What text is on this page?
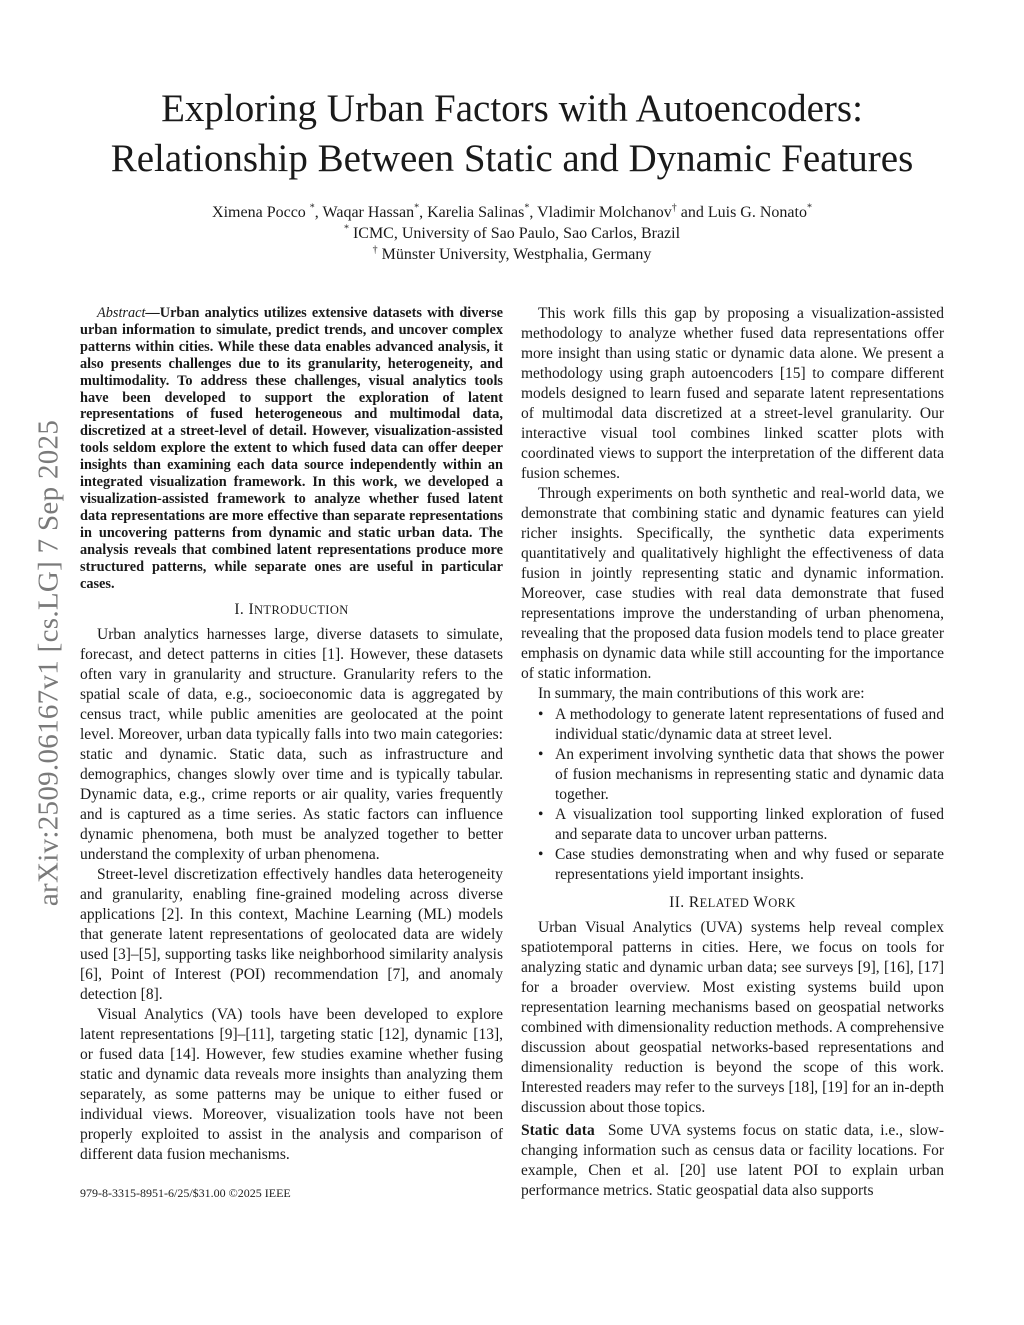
arXiv:2509.06167v1 [cs.LG] 7 Sep 2025
Exploring Urban Factors with Autoencoders:
Relationship Between Static and Dynamic Features
Ximena Pocco *, Waqar Hassan*, Karelia Salinas*, Vladimir Molchanov† and Luis G. Nonato*
* ICMC, University of Sao Paulo, Sao Carlos, Brazil
† Münster University, Westphalia, Germany

Abstract—Urban analytics utilizes extensive datasets with diverse urban information to simulate, predict trends, and uncover complex patterns within cities. While these data enables advanced analysis, it also presents challenges due to its granularity, heterogeneity, and multimodality. To address these challenges, visual analytics tools have been developed to support the exploration of latent representations of fused heterogeneous and multimodal data, discretized at a street-level of detail. However, visualization-assisted tools seldom explore the extent to which fused data can offer deeper insights than examining each data source independently within an integrated visualization framework. In this work, we developed a visualization-assisted framework to analyze whether fused latent data representations are more effective than separate representations in uncovering patterns from dynamic and static urban data. The analysis reveals that combined latent representations produce more structured patterns, while separate ones are useful in particular cases.

I. INTRODUCTION

Urban analytics harnesses large, diverse datasets to simulate, forecast, and detect patterns in cities [1]. However, these datasets often vary in granularity and structure. Granularity refers to the spatial scale of data, e.g., socioeconomic data is aggregated by census tract, while public amenities are geolocated at the point level. Moreover, urban data typically falls into two main categories: static and dynamic. Static data, such as infrastructure and demographics, changes slowly over time and is typically tabular. Dynamic data, e.g., crime reports or air quality, varies frequently and is captured as a time series. As static factors can influence dynamic phenomena, both must be analyzed together to better understand the complexity of urban phenomena.

Street-level discretization effectively handles data heterogeneity and granularity, enabling fine-grained modeling across diverse applications [2]. In this context, Machine Learning (ML) models that generate latent representations of geolocated data are widely used [3]–[5], supporting tasks like neighborhood similarity analysis [6], Point of Interest (POI) recommendation [7], and anomaly detection [8].

Visual Analytics (VA) tools have been developed to explore latent representations [9]–[11], targeting static [12], dynamic [13], or fused data [14]. However, few studies examine whether fusing static and dynamic data reveals more insights than analyzing them separately, as some patterns may be unique to either fused or individual views. Moreover, visualization tools have not been properly exploited to assist in the analysis and comparison of different data fusion mechanisms.

This work fills this gap by proposing a visualization-assisted methodology to analyze whether fused data representations offer more insight than using static or dynamic data alone. We present a methodology using graph autoencoders [15] to compare different models designed to learn fused and separate latent representations of multimodal data discretized at a street-level granularity. Our interactive visual tool combines linked scatter plots with coordinated views to support the interpretation of the different data fusion schemes.

Through experiments on both synthetic and real-world data, we demonstrate that combining static and dynamic features can yield richer insights. Specifically, the synthetic data experiments quantitatively and qualitatively highlight the effectiveness of data fusion in jointly representing static and dynamic information. Moreover, case studies with real data demonstrate that fused representations improve the understanding of urban phenomena, revealing that the proposed data fusion models tend to place greater emphasis on dynamic data while still accounting for the importance of static information.

In summary, the main contributions of this work are:

• A methodology to generate latent representations of fused and individual static/dynamic data at street level.
• An experiment involving synthetic data that shows the power of fusion mechanisms in representing static and dynamic data together.
• A visualization tool supporting linked exploration of fused and separate data to uncover urban patterns.
• Case studies demonstrating when and why fused or separate representations yield important insights.
II. RELATED WORK

Urban Visual Analytics (UVA) systems help reveal complex spatiotemporal patterns in cities. Here, we focus on tools for analyzing static and dynamic urban data; see surveys [9], [16], [17] for a broader overview. Most existing systems build upon representation learning mechanisms based on geospatial networks combined with dimensionality reduction methods. A comprehensive discussion about geospatial networks-based representations and dimensionality reduction is beyond the scope of this work. Interested readers may refer to the surveys [18], [19] for an in-depth discussion about those topics.

Static data Some UVA systems focus on static data, i.e., slow-changing information such as census data or facility locations. For example, Chen et al. [20] use latent POI to explain urban performance metrics. Static geospatial data also supports

979-8-3315-8951-6/25/$31.00 ©2025 IEEE
